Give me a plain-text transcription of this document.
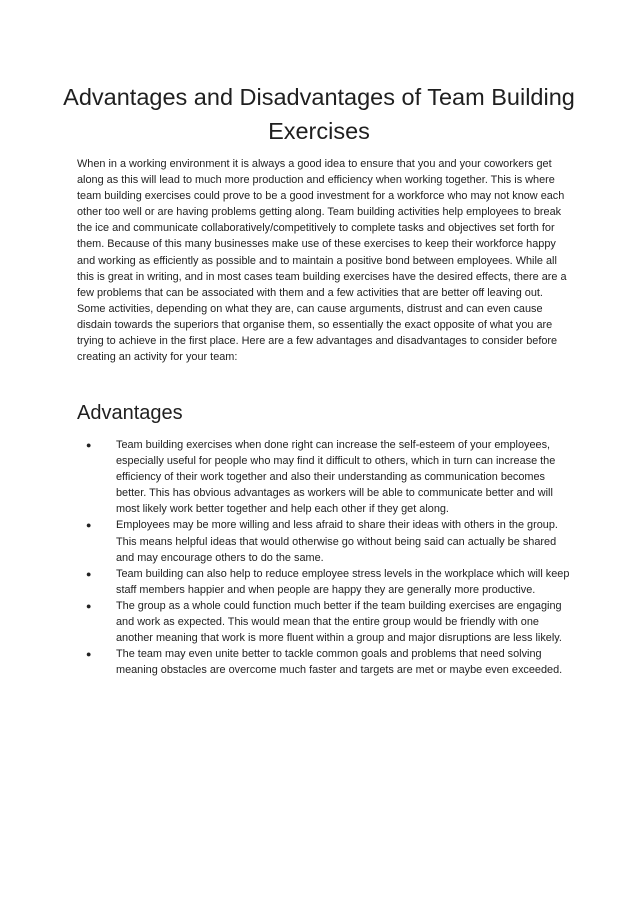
Advantages and Disadvantages of Team Building Exercises

When in a working environment it is always a good idea to ensure that you and your coworkers get along as this will lead to much more production and efficiency when working together. This is where team building exercises could prove to be a good investment for a workforce who may not know each other too well or are having problems getting along. Team building activities help employees to break the ice and communicate collaboratively/competitively to complete tasks and objectives set forth for them. Because of this many businesses make use of these exercises to keep their workforce happy and working as efficiently as possible and to maintain a positive bond between employees. While all this is great in writing, and in most cases team building exercises have the desired effects, there are a few problems that can be associated with them and a few activities that are better off leaving out. Some activities, depending on what they are, can cause arguments, distrust and can even cause disdain towards the superiors that organise them, so essentially the exact opposite of what you are trying to achieve in the first place. Here are a few advantages and disadvantages to consider before creating an activity for your team:

Advantages
● Team building exercises when done right can increase the self-esteem of your employees, especially useful for people who may find it difficult to others, which in turn can increase the efficiency of their work together and also their understanding as communication becomes better. This has obvious advantages as workers will be able to communicate better and will most likely work better together and help each other if they get along.
● Employees may be more willing and less afraid to share their ideas with others in the group. This means helpful ideas that would otherwise go without being said can actually be shared and may encourage others to do the same.
● Team building can also help to reduce employee stress levels in the workplace which will keep staff members happier and when people are happy they are generally more productive.
● The group as a whole could function much better if the team building exercises are engaging and work as expected. This would mean that the entire group would be friendly with one another meaning that work is more fluent within a group and major disruptions are less likely.
● The team may even unite better to tackle common goals and problems that need solving meaning obstacles are overcome much faster and targets are met or maybe even exceeded.
